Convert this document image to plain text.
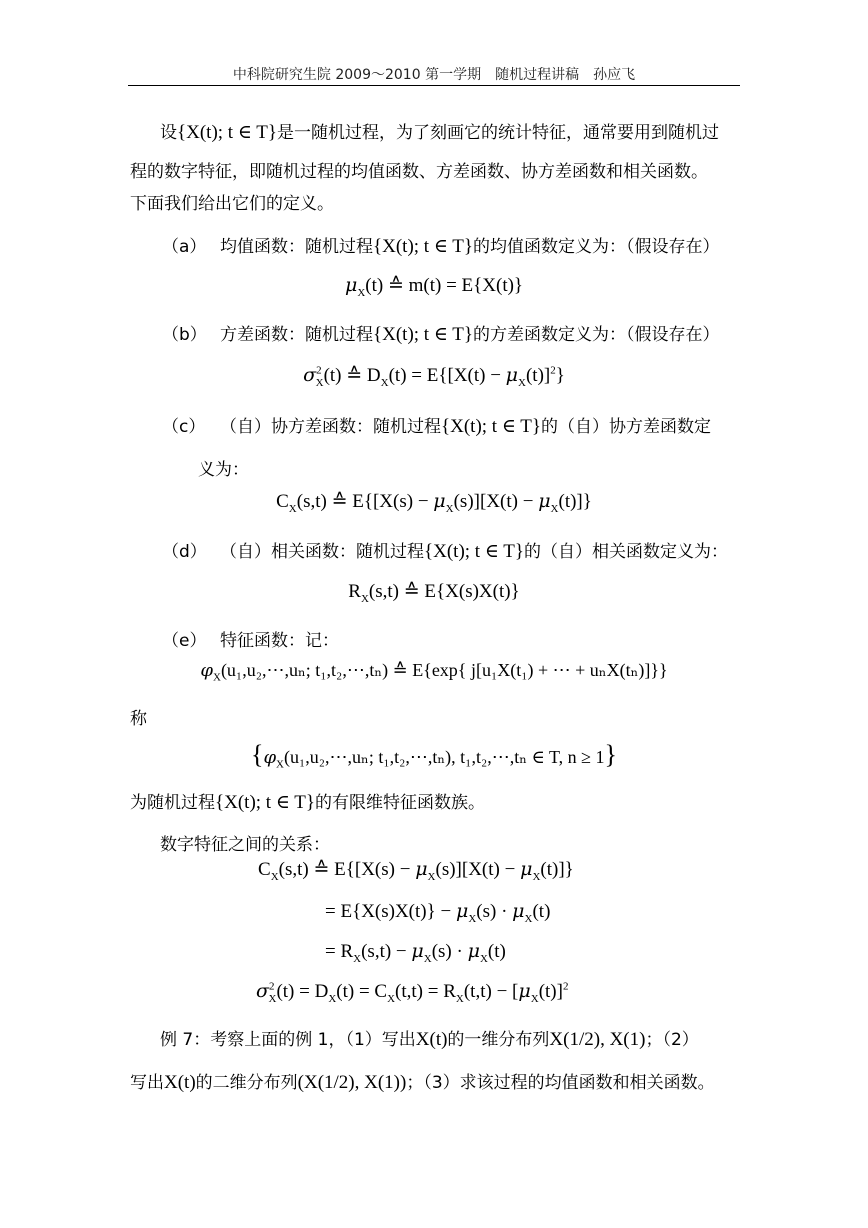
中科院研究生院 2009～2010 第一学期　随机过程讲稿　孙应飞
设{X(t); t ∈ T}是一随机过程，为了刻画它的统计特征，通常要用到随机过
程的数字特征，即随机过程的均值函数、方差函数、协方差函数和相关函数。
下面我们给出它们的定义。
（a） 均值函数：随机过程{X(t); t ∈ T}的均值函数定义为：（假设存在）
$\mu_X(t)$ ≙ m(t) = E{X(t)}
（b） 方差函数：随机过程{X(t); t ∈ T}的方差函数定义为：（假设存在）
$\sigma^2_X(t)$ ≙ $D_X(t) = E\{[X(t) - \mu_X(t)]^2\}$
（c） （自）协方差函数：随机过程{X(t); t ∈ T}的（自）协方差函数定
义为：
$C_X(s,t)$ ≙ $E\{[X(s) - \mu_X(s)][X(t) - \mu_X(t)]\}$
（d） （自）相关函数：随机过程{X(t); t ∈ T}的（自）相关函数定义为：
$R_X(s,t)$ ≙ E{X(s)X(t)}
（e） 特征函数：记：
$\varphi_X(u_1,u_2,\cdots,u_n$; t₁,t₂,⋯,tₙ) ≙ E{exp{ j[u₁X(t₁) + ⋯ + uₙX(tₙ)]}}
称
{$\varphi_X(u_1,u_2,\cdots,u_n$; t₁,t₂,⋯,tₙ), t₁,t₂,⋯,tₙ ∈ T, n ≥ 1}
为随机过程{X(t); t ∈ T}的有限维特征函数族。
数字特征之间的关系：
$C_X(s,t)$ ≙ $E\{[X(s) - \mu_X(s)][X(t) - \mu_X(t)]\}$
= $E\{X(s)X(t)\} - \mu_X(s) \cdot \mu_X(t)$
= $R_X(s,t) - \mu_X(s) \cdot \mu_X(t)$
$\sigma^2_X(t) = D_X(t) = C_X(t,t) = R_X(t,t) - [\mu_X(t)]^2$
例 7：考察上面的例 1，（1）写出X(t)的一维分布列X(1/2), X(1)；（2）
写出X(t)的二维分布列(X(1/2), X(1))；（3）求该过程的均值函数和相关函数。
